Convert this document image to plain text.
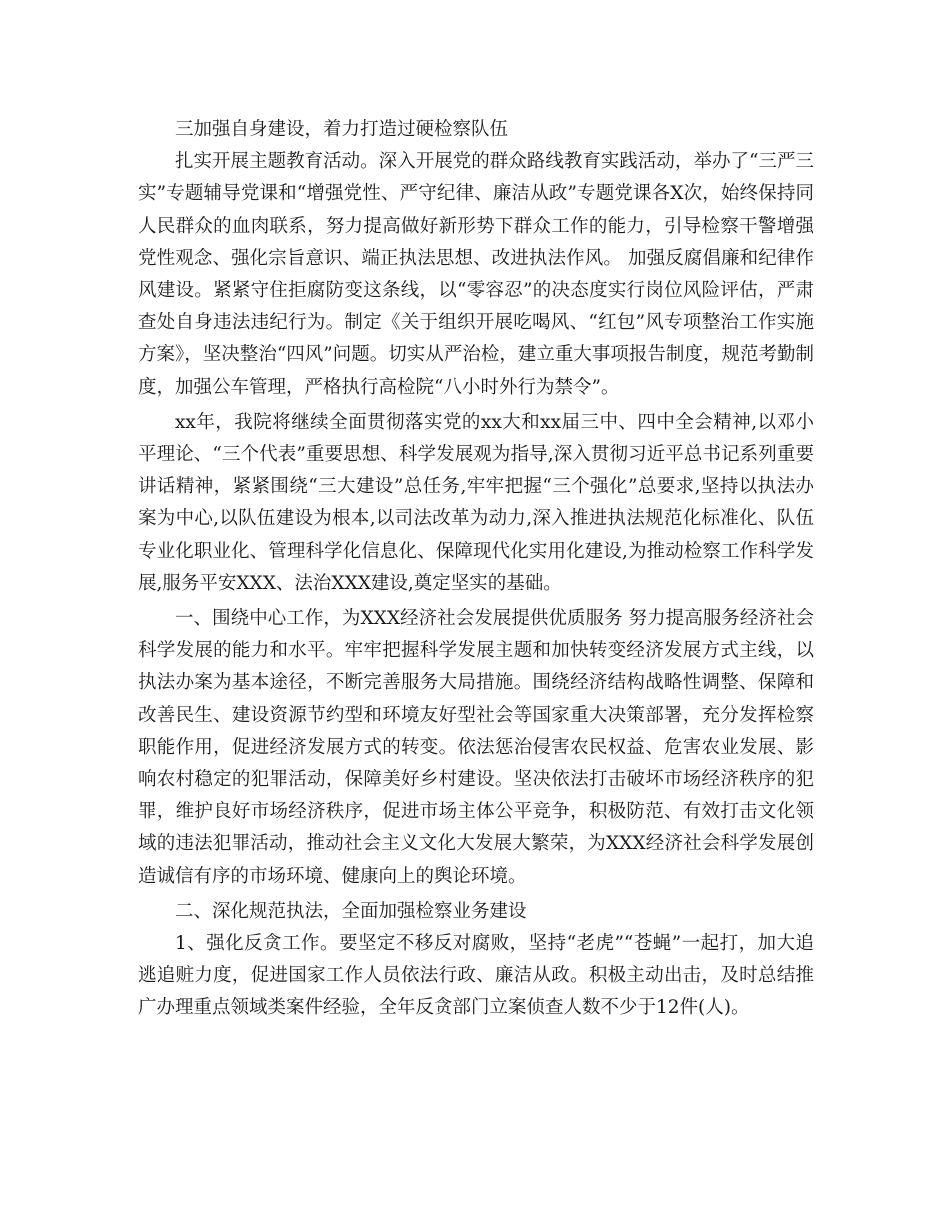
三加强自身建设，着力打造过硬检察队伍

扎实开展主题教育活动。深入开展党的群众路线教育实践活动，举办了“三严三实”专题辅导党课和“增强党性、严守纪律、廉洁从政”专题党课各X次，始终保持同人民群众的血肉联系，努力提高做好新形势下群众工作的能力，引导检察干警增强党性观念、强化宗旨意识、端正执法思想、改进执法作风。 加强反腐倡廉和纪律作风建设。紧紧守住拒腐防变这条线，以“零容忍”的决态度实行岗位风险评估，严肃查处自身违法违纪行为。制定《关于组织开展吃喝风、“红包”风专项整治工作实施方案》，坚决整治“四风”问题。切实从严治检，建立重大事项报告制度，规范考勤制度，加强公车管理，严格执行高检院“八小时外行为禁令”。

xx年，我院将继续全面贯彻落实党的xx大和xx届三中、四中全会精神,以邓小平理论、“三个代表”重要思想、科学发展观为指导,深入贯彻习近平总书记系列重要讲话精神，紧紧围绕“三大建设”总任务,牢牢把握“三个强化”总要求,坚持以执法办案为中心,以队伍建设为根本,以司法改革为动力,深入推进执法规范化标准化、队伍专业化职业化、管理科学化信息化、保障现代化实用化建设,为推动检察工作科学发展,服务平安XXX、法治XXX建设,奠定坚实的基础。

一、围绕中心工作，为XXX经济社会发展提供优质服务 努力提高服务经济社会科学发展的能力和水平。牢牢把握科学发展主题和加快转变经济发展方式主线，以执法办案为基本途径，不断完善服务大局措施。围绕经济结构战略性调整、保障和改善民生、建设资源节约型和环境友好型社会等国家重大决策部署，充分发挥检察职能作用，促进经济发展方式的转变。依法惩治侵害农民权益、危害农业发展、影响农村稳定的犯罪活动，保障美好乡村建设。坚决依法打击破坏市场经济秩序的犯罪，维护良好市场经济秩序，促进市场主体公平竞争，积极防范、有效打击文化领域的违法犯罪活动，推动社会主义文化大发展大繁荣，为XXX经济社会科学发展创造诚信有序的市场环境、健康向上的舆论环境。

二、深化规范执法，全面加强检察业务建设

1、强化反贪工作。要坚定不移反对腐败，坚持“老虎”“苍蝇”一起打，加大追逃追赃力度，促进国家工作人员依法行政、廉洁从政。积极主动出击，及时总结推广办理重点领域类案件经验，全年反贪部门立案侦查人数不少于12件(人)。
